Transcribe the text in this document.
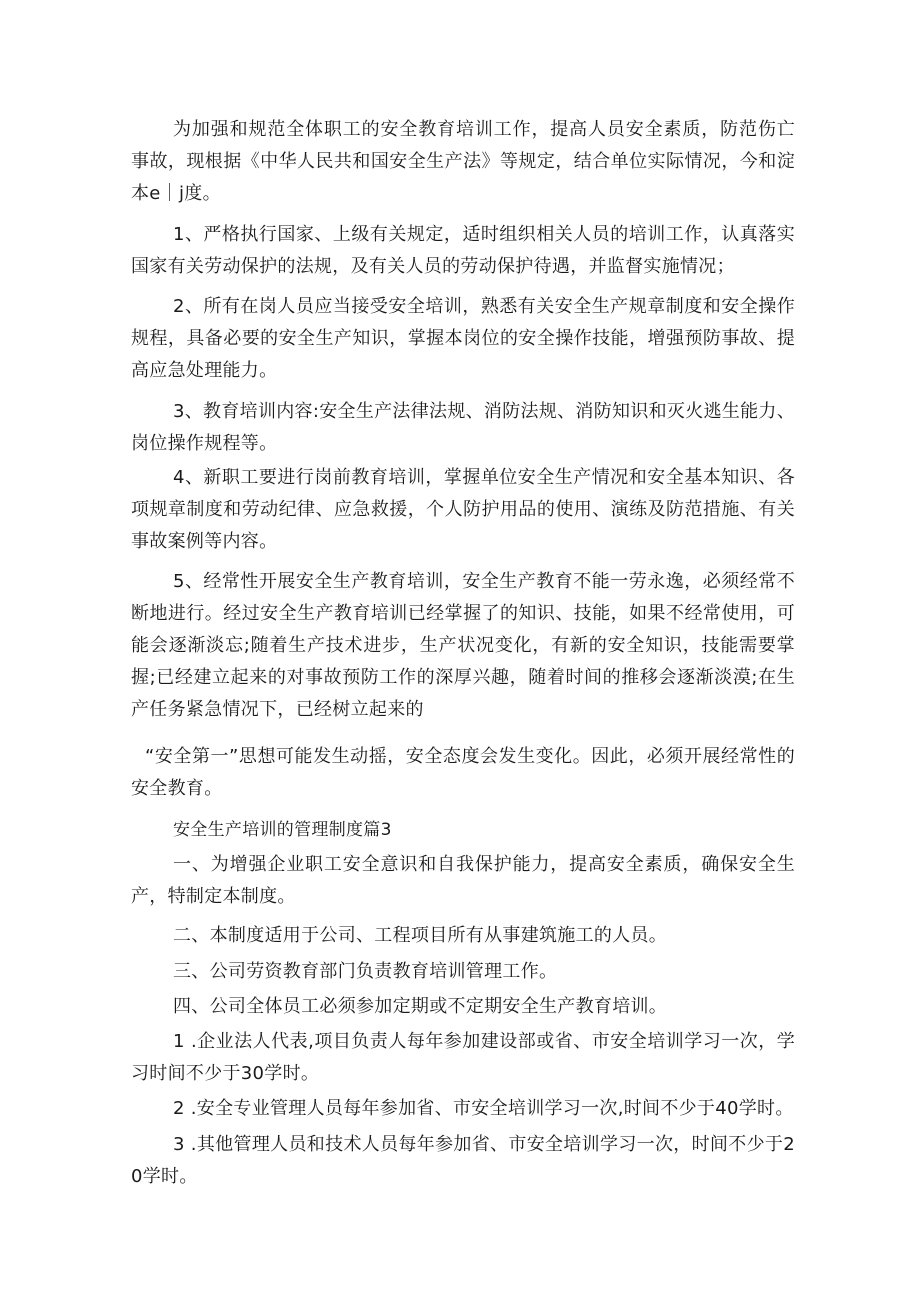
为加强和规范全体职工的安全教育培训工作，提高人员安全素质，防范伤亡事故，现根据《中华人民共和国安全生产法》等规定，结合单位实际情况，今和淀本e｜j度。

1、严格执行国家、上级有关规定，适时组织相关人员的培训工作，认真落实国家有关劳动保护的法规，及有关人员的劳动保护待遇，并监督实施情况；

2、所有在岗人员应当接受安全培训，熟悉有关安全生产规章制度和安全操作规程，具备必要的安全生产知识，掌握本岗位的安全操作技能，增强预防事故、提高应急处理能力。

3、教育培训内容:安全生产法律法规、消防法规、消防知识和灭火逃生能力、岗位操作规程等。

4、新职工要进行岗前教育培训，掌握单位安全生产情况和安全基本知识、各项规章制度和劳动纪律、应急救援，个人防护用品的使用、演练及防范措施、有关事故案例等内容。

5、经常性开展安全生产教育培训，安全生产教育不能一劳永逸，必须经常不断地进行。经过安全生产教育培训已经掌握了的知识、技能，如果不经常使用，可能会逐渐淡忘;随着生产技术进步，生产状况变化，有新的安全知识，技能需要掌握;已经建立起来的对事故预防工作的深厚兴趣，随着时间的推移会逐渐淡漠;在生产任务紧急情况下，已经树立起来的

“安全第一”思想可能发生动摇，安全态度会发生变化。因此，必须开展经常性的安全教育。

安全生产培训的管理制度篇3

一、为增强企业职工安全意识和自我保护能力，提高安全素质，确保安全生产，特制定本制度。

二、本制度适用于公司、工程项目所有从事建筑施工的人员。

三、公司劳资教育部门负责教育培训管理工作。

四、公司全体员工必须参加定期或不定期安全生产教育培训。

1 .企业法人代表,项目负责人每年参加建设部或省、市安全培训学习一次，学习时间不少于30学时。

2 .安全专业管理人员每年参加省、市安全培训学习一次,时间不少于40学时。

3 .其他管理人员和技术人员每年参加省、市安全培训学习一次，时间不少于20学时。
